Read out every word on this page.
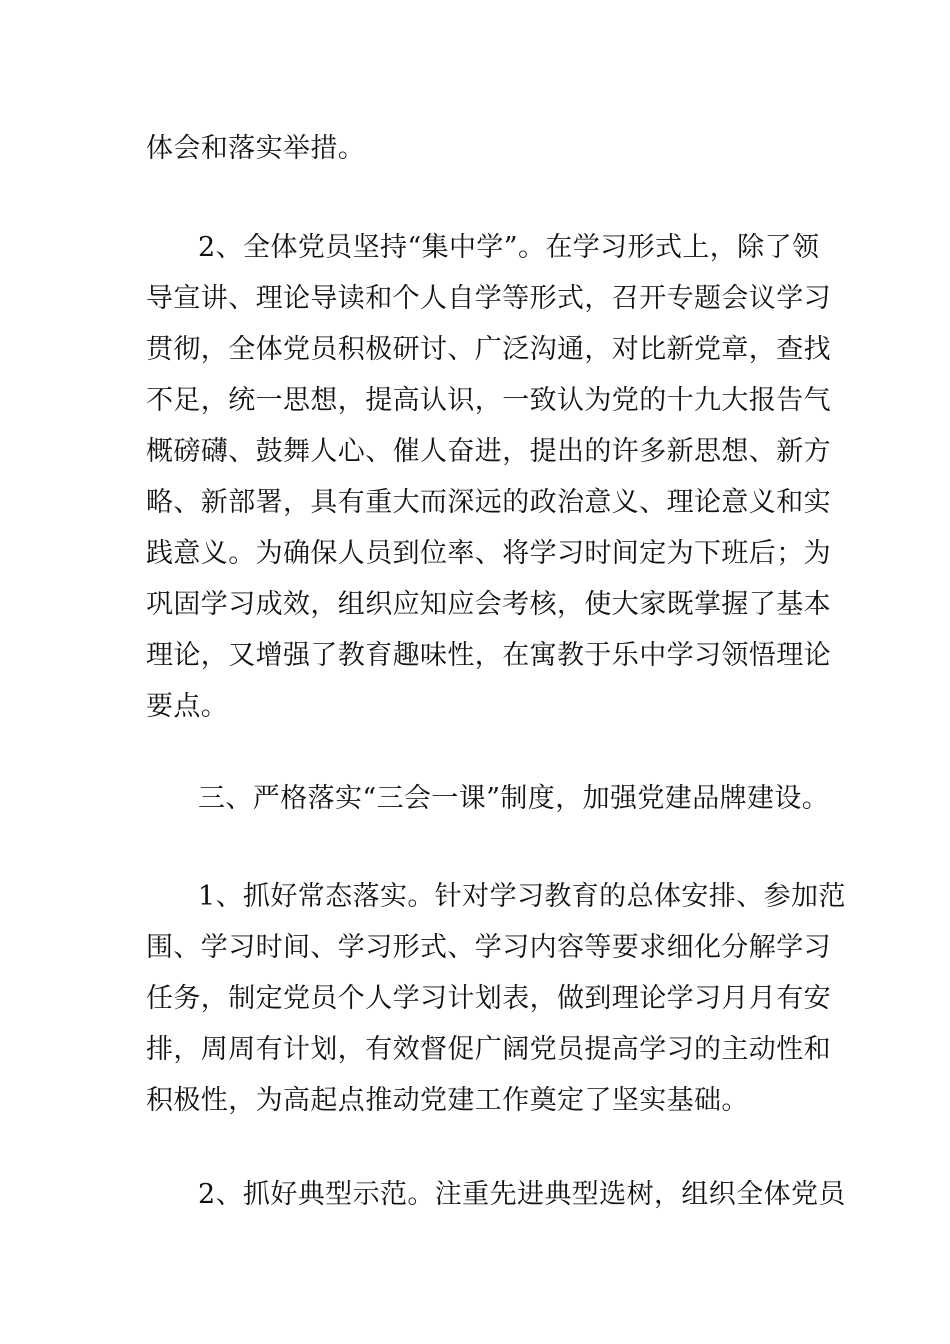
体会和落实举措。
2、全体党员坚持“集中学”。在学习形式上，除了领
导宣讲、理论导读和个人自学等形式，召开专题会议学习
贯彻，全体党员积极研讨、广泛沟通，对比新党章，查找
不足，统一思想，提高认识，一致认为党的十九大报告气
概磅礴、鼓舞人心、催人奋进，提出的许多新思想、新方
略、新部署，具有重大而深远的政治意义、理论意义和实
践意义。为确保人员到位率、将学习时间定为下班后；为
巩固学习成效，组织应知应会考核，使大家既掌握了基本
理论，又增强了教育趣味性，在寓教于乐中学习领悟理论
要点。
三、严格落实“三会一课”制度，加强党建品牌建设。
1、抓好常态落实。针对学习教育的总体安排、参加范
围、学习时间、学习形式、学习内容等要求细化分解学习
任务，制定党员个人学习计划表，做到理论学习月月有安
排，周周有计划，有效督促广阔党员提高学习的主动性和
积极性，为高起点推动党建工作奠定了坚实基础。
2、抓好典型示范。注重先进典型选树，组织全体党员
